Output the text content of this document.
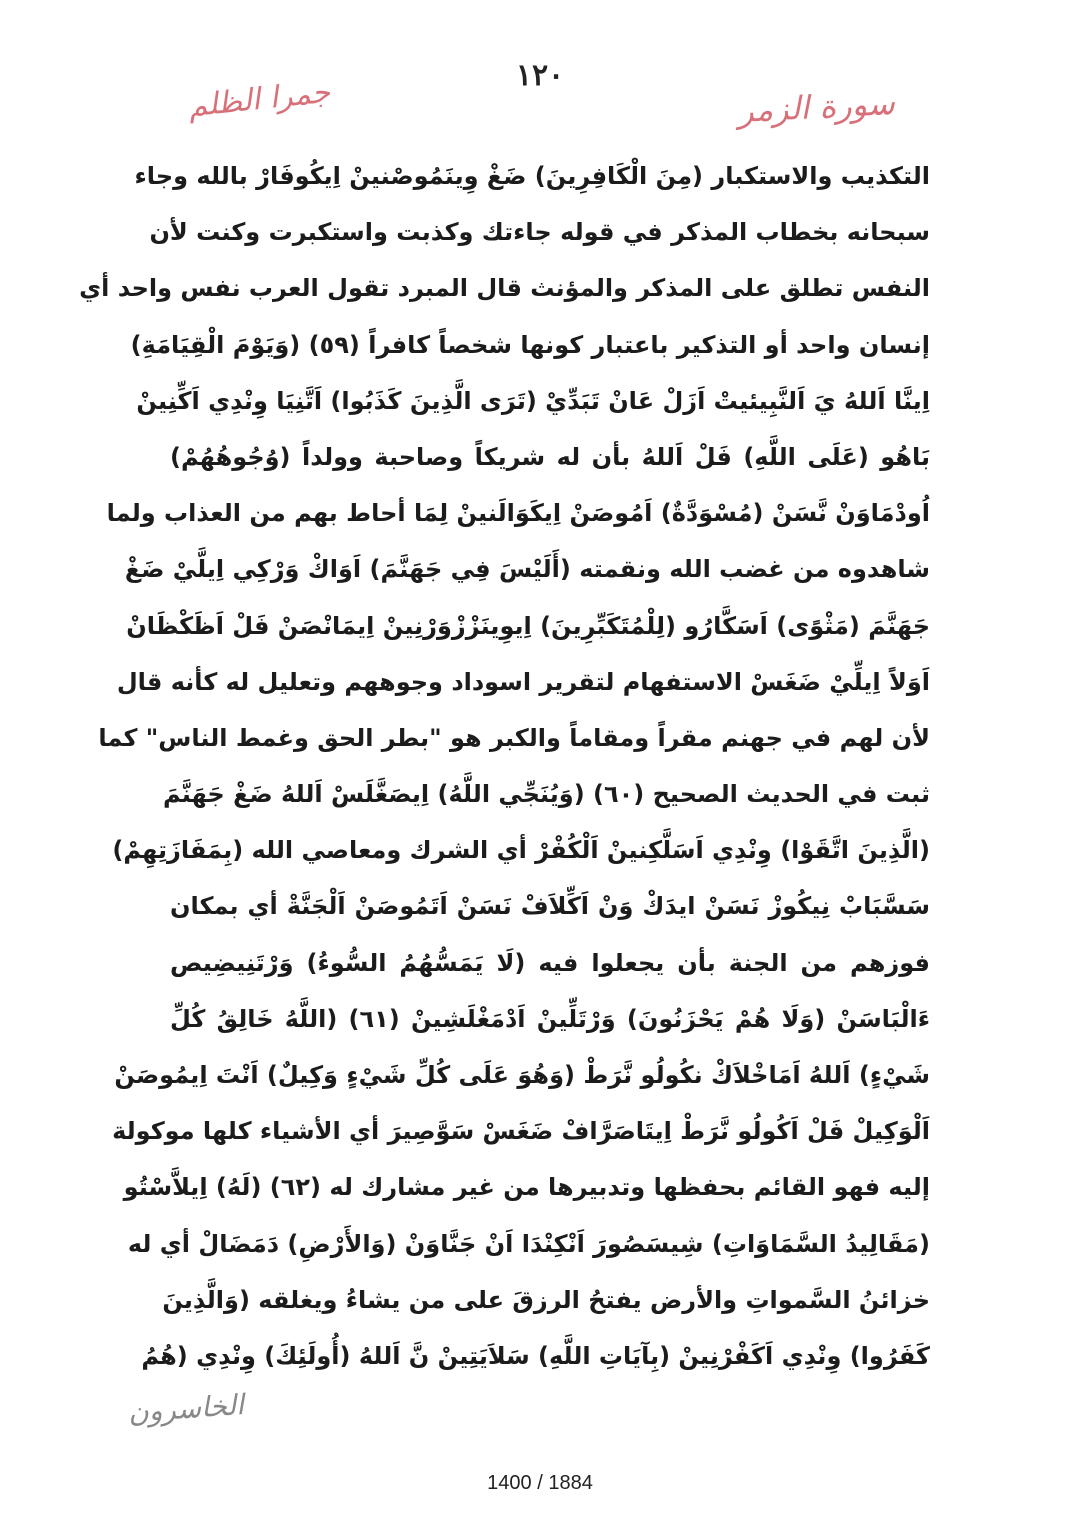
١٢٠
سورة الزمر
جمرا الظلم
التكذيب والاستكبار (مِنَ الْكَافِرِينَ) ضَغْ وِينَمُوصْنينْ اِيكُوفَارْ بالله وجاء
سبحانه بخطاب المذكر في قوله جاءتك وكذبت واستكبرت وكنت لأن
النفس تطلق على المذكر والمؤنث قال المبرد تقول العرب نفس واحد أي
إنسان واحد أو التذكير باعتبار كونها شخصاً كافراً (٥٩) (وَيَوْمَ الْقِيَامَةِ)
اِينَّا اَللهُ يَ اَلنَّبِيئيتْ اَزَلْ عَانْ تَبَدِّيْ (تَرَى الَّذِينَ كَذَبُوا) اَتَّنِيَا وِنْدِي اَكِّنِينْ
بَاهُو (عَلَى اللَّهِ) فَلْ اَللهُ بأن له شريكاً وصاحبة وولداً (وُجُوهُهُمْ)
اُودْمَاوَنْ نَّسَنْ (مُسْوَدَّةٌ) اَمُوصَنْ اِيكَوَالَنينْ لِمَا أحاط بهم من العذاب ولما
شاهدوه من غضب الله ونقمته (أَلَيْسَ فِي جَهَنَّمَ) اَوَاكْ وَرْكِي اِيلَّيْ ضَغْ
جَهَنَّمَ (مَثْوًى) اَسَكَّارُو (لِلْمُتَكَبِّرِينَ) اِيوِينَزْزْوَرْنِينْ اِيمَانْصَنْ فَلْ اَظَكْظَانْ
اَوَلاً اِيلِّيْ ضَغَسْ الاستفهام لتقرير اسوداد وجوههم وتعليل له كأنه قال
لأن لهم في جهنم مقراً ومقاماً والكبر هو "بطر الحق وغمط الناس" كما
ثبت في الحديث الصحيح (٦٠) (وَيُنَجِّي اللَّهُ) اِيصَغَّلَسْ اَللهُ ضَغْ جَهَنَّمَ
(الَّذِينَ اتَّقَوْا) وِنْدِي اَسَلَّكِنينْ اَلْكُفْرْ أي الشرك ومعاصي الله (بِمَفَازَتِهِمْ)
سَسَّبَابْ نِيكُوزْ نَسَنْ ايدَكْ وَنْ اَكِّلاَفْ نَسَنْ اَتَمُوصَنْ اَلْجَنَّةْ أي بمكان
فوزهم من الجنة بأن يجعلوا فيه (لَا يَمَسُّهُمُ السُّوءُ) وَرْتَنِيضِيص
ءَالْبَاسَنْ (وَلَا هُمْ يَحْزَنُونَ) وَرْتَلِّينْ اَدْمَغْلَشِينْ (٦١) (اللَّهُ خَالِقُ كُلِّ
شَيْءٍ) اَللهُ اَمَاخْلاَكْ نكُولُو نَّرَطْ (وَهُوَ عَلَى كُلِّ شَيْءٍ وَكِيلٌ) اَنْتَ اِيمُوصَنْ
اَلْوَكِيلْ فَلْ اَكُولُو نَّرَطْ اِيتَاصَرَّافْ ضَغَسْ سَوَّصِيرَ أي الأشياء كلها موكولة
إليه فهو القائم بحفظها وتدبيرها من غير مشارك له (٦٢) (لَهُ) اِيلاَّسْتُو
(مَقَالِيدُ السَّمَاوَاتِ) شِيسَصُورَ اَنْكِنْدَا اَنْ جَنَّاوَنْ (وَالأَرْضِ) دَمَضَالْ أي له
خزائنُ السَّمواتِ والأرض يفتحُ الرزقَ على من يشاءُ ويغلقه (وَالَّذِينَ
كَفَرُوا) وِنْدِي اَكَفْرْنِينْ (بِآيَاتِ اللَّهِ) سَلاَيَتِينْ نَّ اَللهُ (أُولَئِكَ) وِنْدِي (هُمُ
الخاسرون
1400 / 1884
